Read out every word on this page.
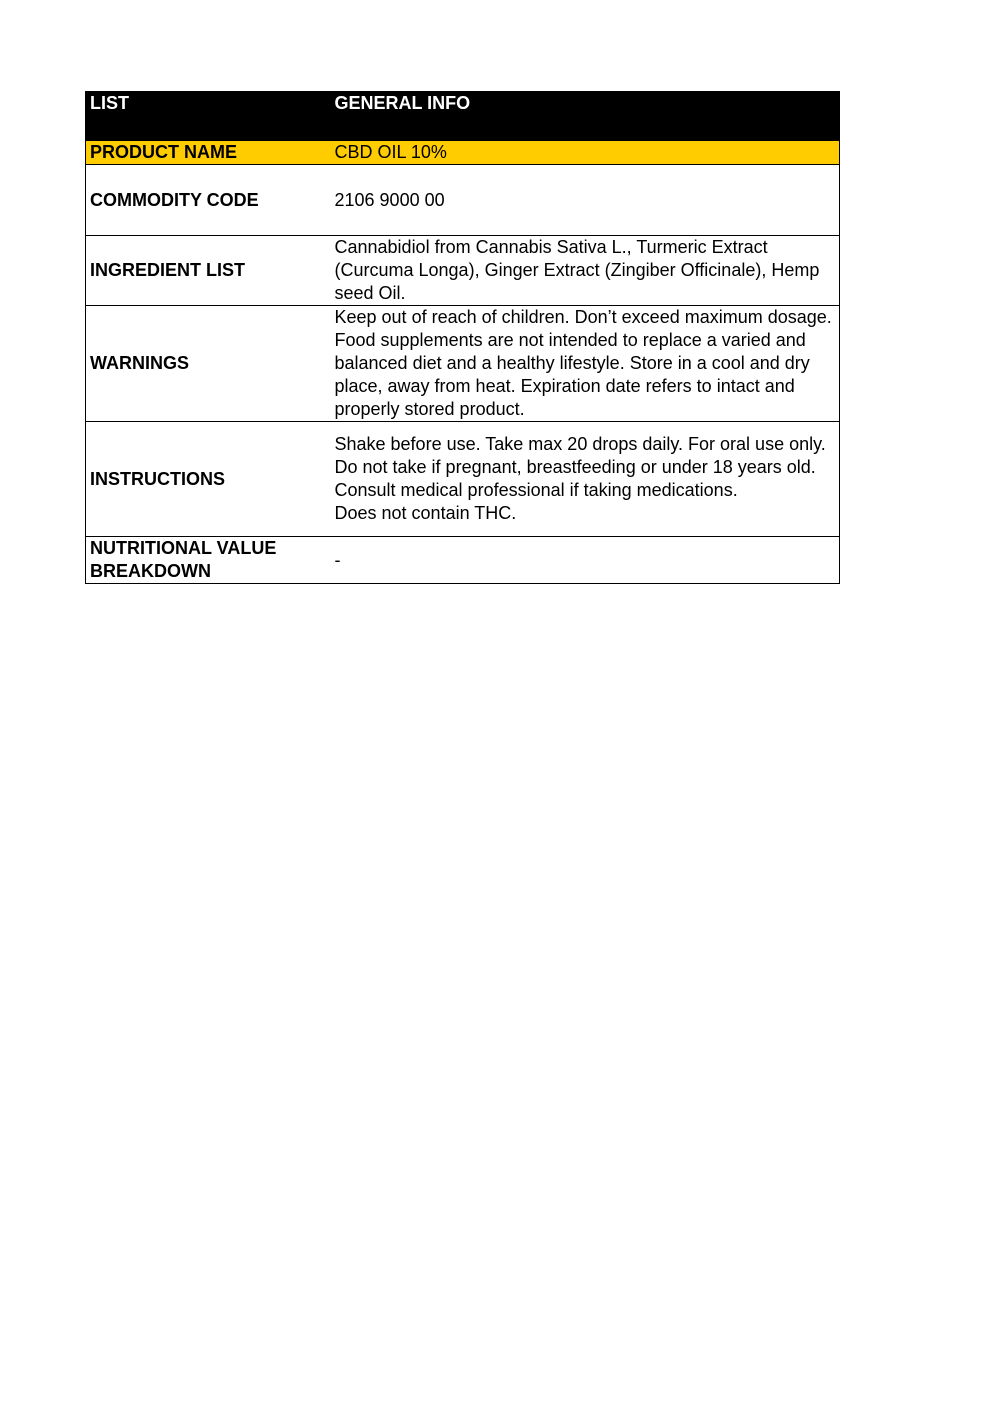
LIST	GENERAL INFO
PRODUCT NAME	CBD OIL 10%
COMMODITY CODE	2106 9000 00
INGREDIENT LIST	Cannabidiol from Cannabis Sativa L., Turmeric Extract (Curcuma Longa), Ginger Extract (Zingiber Officinale), Hemp seed Oil.
WARNINGS	Keep out of reach of children. Don’t exceed maximum dosage. Food supplements are not intended to replace a varied and balanced diet and a healthy lifestyle. Store in a cool and dry place, away from heat. Expiration date refers to intact and properly stored product.
INSTRUCTIONS	Shake before use. Take max 20 drops daily. For oral use only. Do not take if pregnant, breastfeeding or under 18 years old. Consult medical professional if taking medications.
Does not contain THC.
NUTRITIONAL VALUE BREAKDOWN	-
